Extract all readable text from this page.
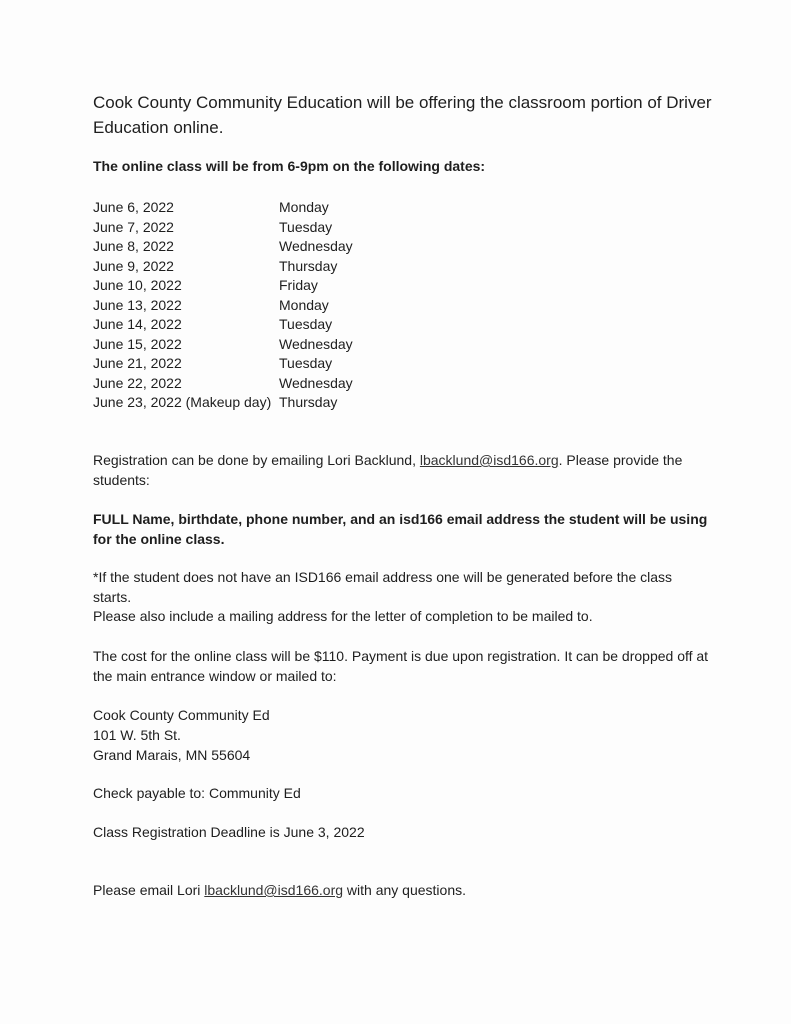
Cook County Community Education will be offering the classroom portion of Driver Education online.

The online class will be from 6-9pm on the following dates:

June 6, 2022	Monday
June 7, 2022	Tuesday
June 8, 2022	Wednesday
June 9, 2022	Thursday
June 10, 2022	Friday
June 13, 2022	Monday
June 14, 2022	Tuesday
June 15, 2022	Wednesday
June 21, 2022	Tuesday
June 22, 2022	Wednesday
June 23, 2022 (Makeup day) Thursday

Registration can be done by emailing Lori Backlund, lbacklund@isd166.org. Please provide the students:

FULL Name, birthdate, phone number, and an isd166 email address the student will be using for the online class.

*If the student does not have an ISD166 email address one will be generated before the class starts.

Please also include a mailing address for the letter of completion to be mailed to.

The cost for the online class will be $110. Payment is due upon registration. It can be dropped off at the main entrance window or mailed to:

Cook County Community Ed
101 W. 5th St.
Grand Marais, MN 55604

Check payable to: Community Ed

Class Registration Deadline is June 3, 2022

Please email Lori lbacklund@isd166.org with any questions.
